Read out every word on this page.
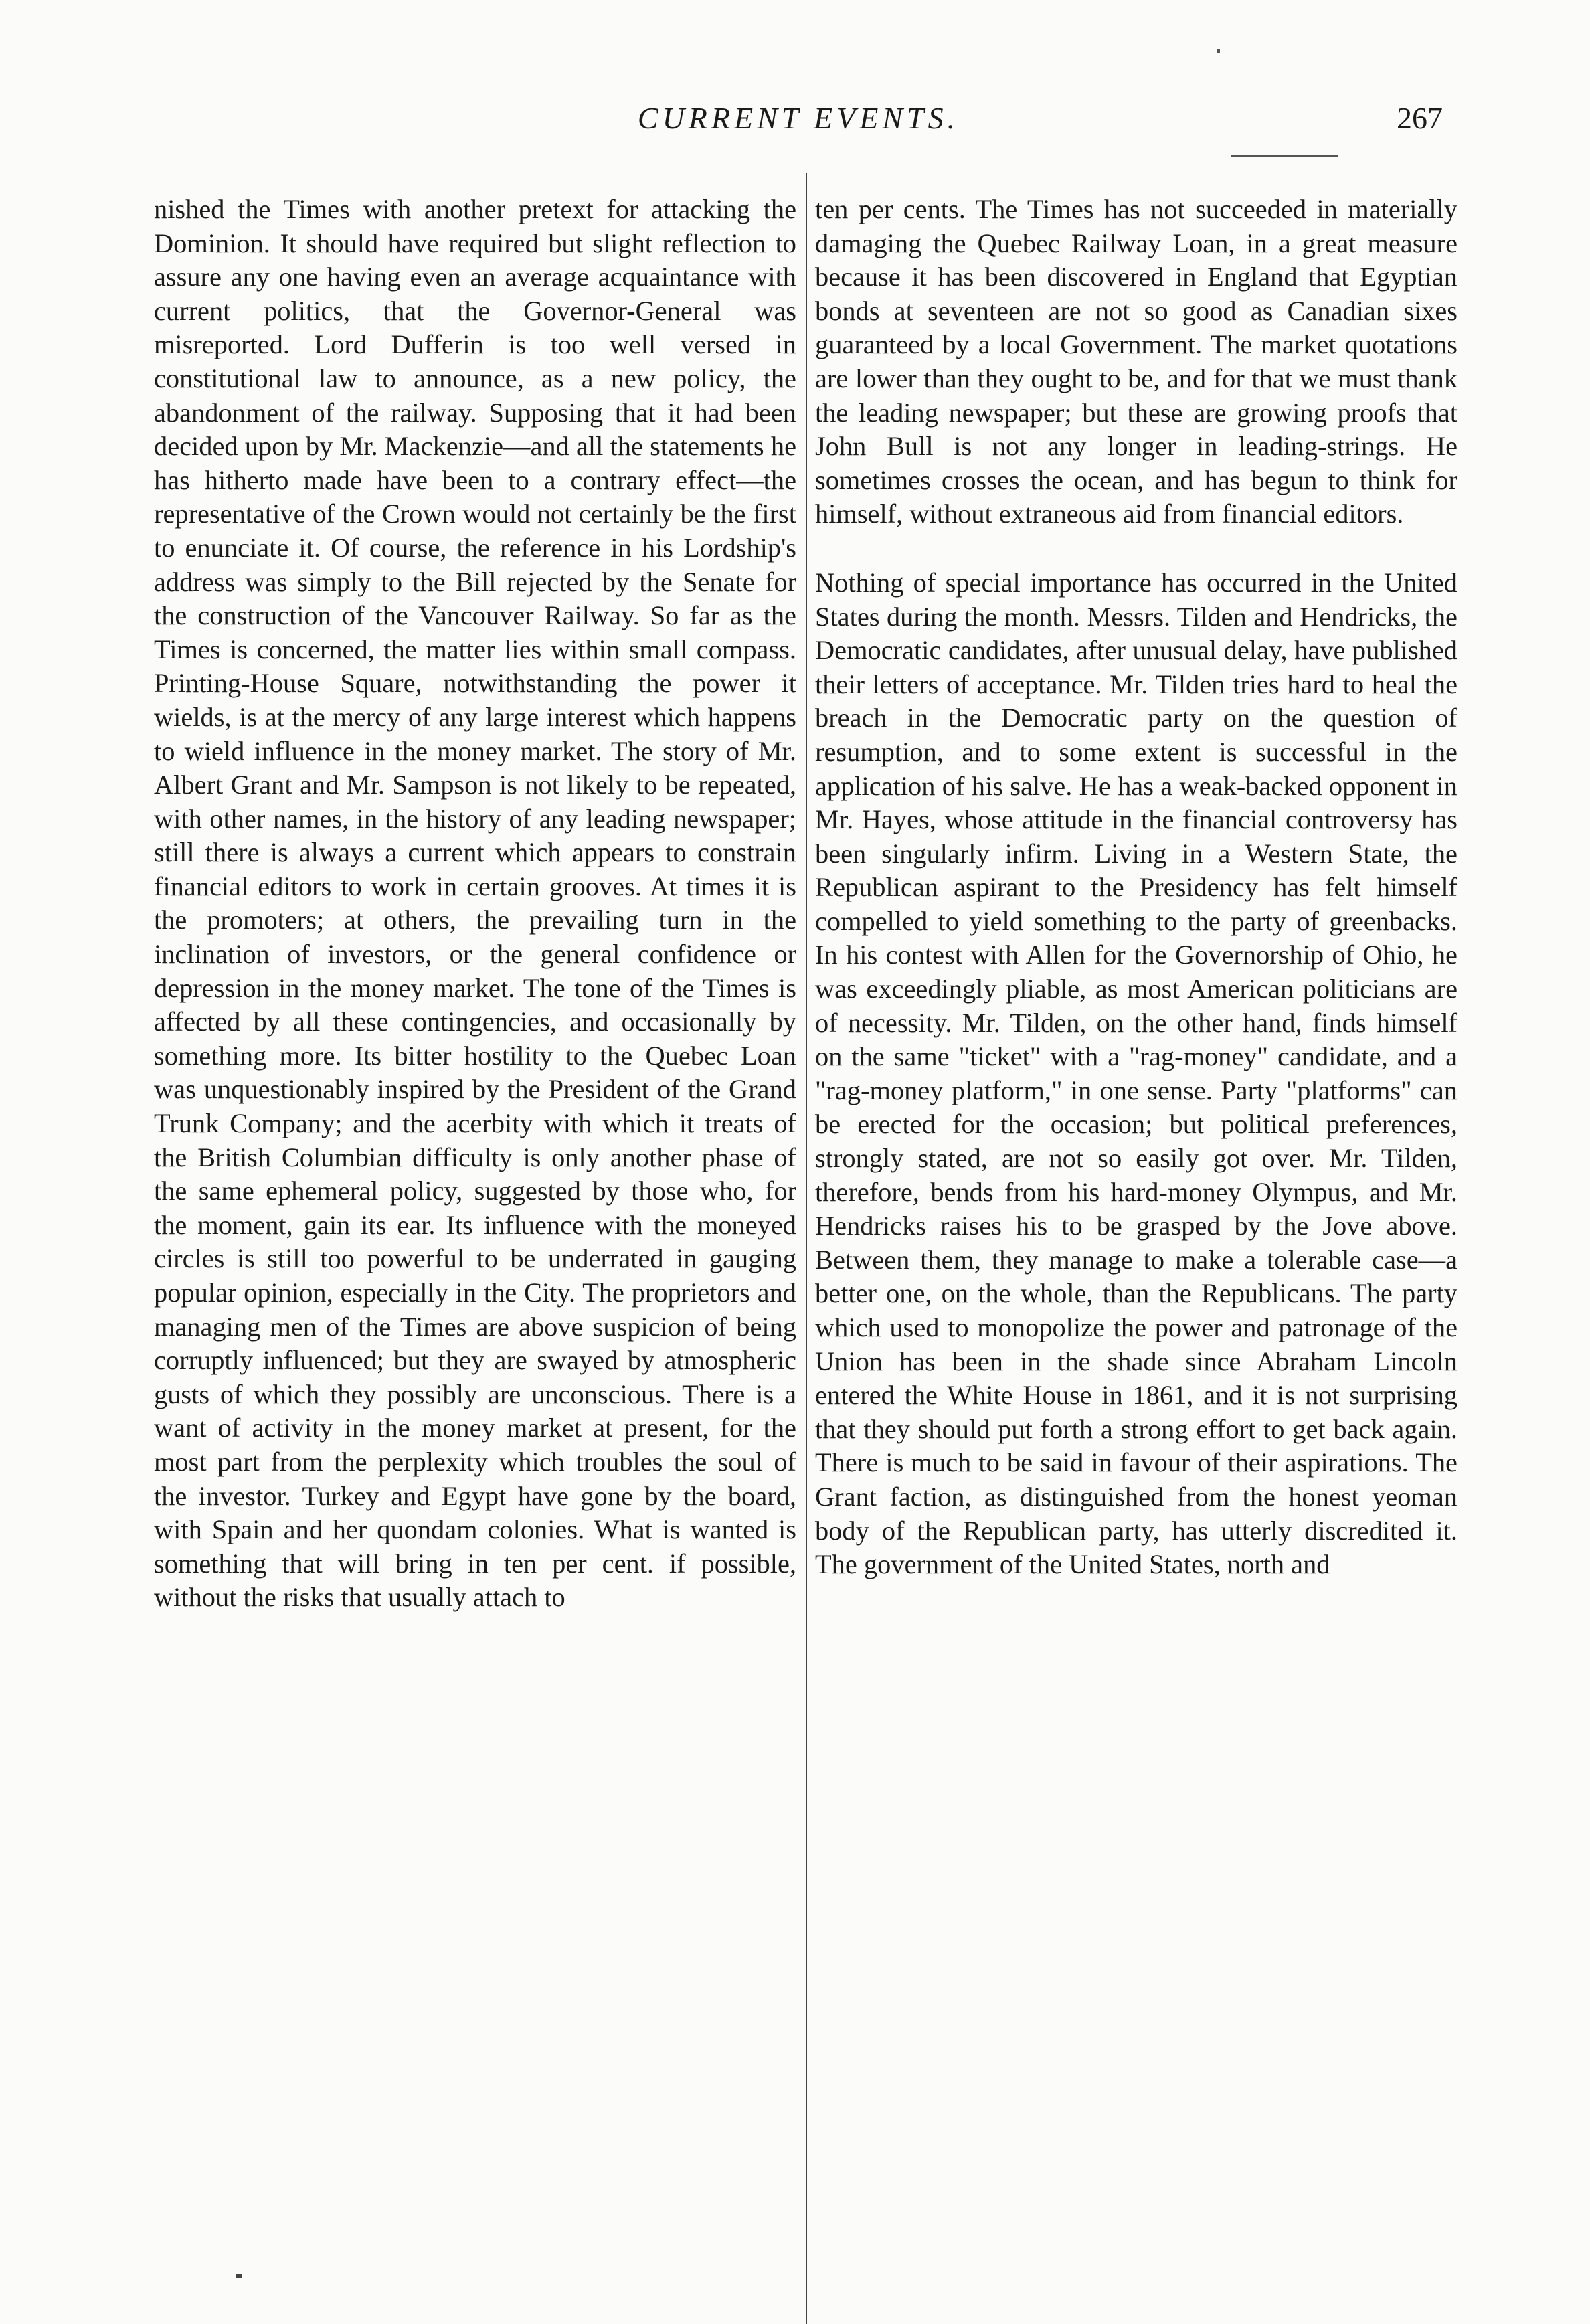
CURRENT EVENTS.	267

nished the Times with another pretext for attacking the Dominion. It should have required but slight reflection to assure any one having even an average acquaintance with current politics, that the Governor-General was misreported. Lord Dufferin is too well versed in constitutional law to announce, as a new policy, the abandonment of the railway. Supposing that it had been decided upon by Mr. Mackenzie—and all the statements he has hitherto made have been to a contrary effect—the representative of the Crown would not certainly be the first to enunciate it. Of course, the reference in his Lordship's address was simply to the Bill rejected by the Senate for the construction of the Vancouver Railway. So far as the Times is concerned, the matter lies within small compass. Printing-House Square, notwithstanding the power it wields, is at the mercy of any large interest which happens to wield influence in the money market. The story of Mr. Albert Grant and Mr. Sampson is not likely to be repeated, with other names, in the history of any leading newspaper; still there is always a current which appears to constrain financial editors to work in certain grooves. At times it is the promoters; at others, the prevailing turn in the inclination of investors, or the general confidence or depression in the money market. The tone of the Times is affected by all these contingencies, and occasionally by something more. Its bitter hostility to the Quebec Loan was unquestionably inspired by the President of the Grand Trunk Company; and the acerbity with which it treats of the British Columbian difficulty is only another phase of the same ephemeral policy, suggested by those who, for the moment, gain its ear. Its influence with the moneyed circles is still too powerful to be underrated in gauging popular opinion, especially in the City. The proprietors and managing men of the Times are above suspicion of being corruptly influenced; but they are swayed by atmospheric gusts of which they possibly are unconscious. There is a want of activity in the money market at present, for the most part from the perplexity which troubles the soul of the investor. Turkey and Egypt have gone by the board, with Spain and her quondam colonies. What is wanted is something that will bring in ten per cent. if possible, without the risks that usually attach to

ten per cents. The Times has not succeeded in materially damaging the Quebec Railway Loan, in a great measure because it has been discovered in England that Egyptian bonds at seventeen are not so good as Canadian sixes guaranteed by a local Government. The market quotations are lower than they ought to be, and for that we must thank the leading newspaper; but these are growing proofs that John Bull is not any longer in leading-strings. He sometimes crosses the ocean, and has begun to think for himself, without extraneous aid from financial editors.

Nothing of special importance has occurred in the United States during the month. Messrs. Tilden and Hendricks, the Democratic candidates, after unusual delay, have published their letters of acceptance. Mr. Tilden tries hard to heal the breach in the Democratic party on the question of resumption, and to some extent is successful in the application of his salve. He has a weak-backed opponent in Mr. Hayes, whose attitude in the financial controversy has been singularly infirm. Living in a Western State, the Republican aspirant to the Presidency has felt himself compelled to yield something to the party of greenbacks. In his contest with Allen for the Governorship of Ohio, he was exceedingly pliable, as most American politicians are of necessity. Mr. Tilden, on the other hand, finds himself on the same "ticket" with a "rag-money" candidate, and a "rag-money platform," in one sense. Party "platforms" can be erected for the occasion; but political preferences, strongly stated, are not so easily got over. Mr. Tilden, therefore, bends from his hard-money Olympus, and Mr. Hendricks raises his to be grasped by the Jove above. Between them, they manage to make a tolerable case—a better one, on the whole, than the Republicans. The party which used to monopolize the power and patronage of the Union has been in the shade since Abraham Lincoln entered the White House in 1861, and it is not surprising that they should put forth a strong effort to get back again. There is much to be said in favour of their aspirations. The Grant faction, as distinguished from the honest yeoman body of the Republican party, has utterly discredited it. The government of the United States, north and
